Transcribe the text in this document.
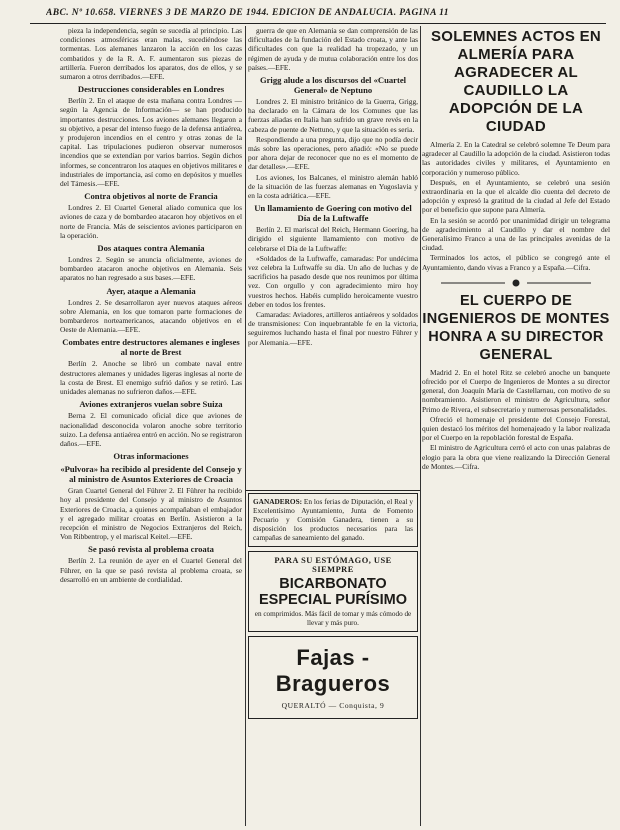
ABC. Nº 10.658. VIERNES 3 DE MARZO DE 1944. EDICION DE ANDALUCIA. PAGINA 11

pieza la independencia, según se sucedía al principio. Las condiciones atmosféricas eran malas, sucediéndose las tormentas. Los alemanes lanzaron la acción en los cazas combatidos y de la R. A. F. aumentaron sus piezas de artillería. Fueron derribados los aparatos, dos de ellos, y se sumaron a otros derribados.—EFE.

Destrucciones considerables en Londres

Berlín 2. En el ataque de esta mañana contra Londres —según la Agencia de Información— se han producido importantes destrucciones. Los aviones alemanes llegaron a su objetivo, a pesar del intenso fuego de la defensa antiaérea, y produjeron incendios en el centro y otras zonas de la capital. Las tripulaciones pudieron observar numerosos incendios que se extendían por varios barrios. Según dichos informes, se concentraron los ataques en objetivos militares e industriales de importancia, así como en depósitos y muelles del Támesis.—EFE.

Contra objetivos al norte de Francia

Londres 2. El Cuartel General aliado comunica que los aviones de caza y de bombardeo atacaron hoy objetivos en el norte de Francia. Más de seiscientos aviones participaron en la operación.

Dos ataques contra Alemania

Londres 2. Según se anuncia oficialmente, aviones de bombardeo atacaron anoche objetivos en Alemania. Seis aparatos no han regresado a sus bases.—EFE.

Ayer, ataque a Alemania

Londres 2. Se desarrollaron ayer nuevos ataques aéreos sobre Alemania, en los que tomaron parte formaciones de bombarderos norteamericanos, atacando objetivos en el Oeste de Alemania.—EFE.

Combates entre destructores alemanes e ingleses al norte de Brest

Berlín 2. Anoche se libró un combate naval entre destructores alemanes y unidades ligeras inglesas al norte de la costa de Brest. El enemigo sufrió daños y se retiró. Las unidades alemanas no sufrieron daños.—EFE.

Aviones extranjeros vuelan sobre Suiza

Berna 2. El comunicado oficial dice que aviones de nacionalidad desconocida volaron anoche sobre territorio suizo. La defensa antiaérea entró en acción. No se registraron daños.—EFE.

Otras informaciones
«Pulvora» ha recibido al presidente del Consejo y al ministro de Asuntos Exteriores de Croacia

Gran Cuartel General del Führer 2. El Führer ha recibido hoy al presidente del Consejo y al ministro de Asuntos Exteriores de Croacia, a quienes acompañaban el embajador y el agregado militar croatas en Berlín. Asistieron a la recepción el ministro de Negocios Extranjeros del Reich, Von Ribbentrop, y el mariscal Keitel.—EFE.

Se pasó revista al problema croata

Berlín 2. La reunión de ayer en el Cuartel General del Führer, en la que se pasó revista al problema croata, se desarrolló en un ambiente de cordialidad.

guerra de que en Alemania se dan comprensión de las dificultades de la fundación del Estado croata, y ante las dificultades con que la realidad ha tropezado, y un régimen de ayuda y de mutua colaboración entre los dos países.—EFE.

Grigg alude a los discursos del «Cuartel General» de Neptuno

Londres 2. El ministro británico de la Guerra, Grigg, ha declarado en la Cámara de los Comunes que las fuerzas aliadas en Italia han sufrido un grave revés en la cabeza de puente de Nettuno, y que la situación es seria.

Respondiendo a una pregunta, dijo que no podía decir más sobre las operaciones, pero añadió: «No se puede por ahora dejar de reconocer que no es el momento de dar detalles».—EFE.

Los aviones, los Balcanes, el ministro alemán habló de la situación de las fuerzas alemanas en Yugoslavia y en la costa adriática.—EFE.

Un llamamiento de Goering con motivo del Día de la Luftwaffe

Berlín 2. El mariscal del Reich, Hermann Goering, ha dirigido el siguiente llamamiento con motivo de celebrarse el Día de la Luftwaffe:

«Soldados de la Luftwaffe, camaradas: Por undécima vez celebra la Luftwaffe su día. Un año de luchas y de sacrificios ha pasado desde que nos reunimos por última vez. Con orgullo y con agradecimiento miro hoy vuestros hechos. Habéis cumplido heroicamente vuestro deber en todos los frentes.

Camaradas: Aviadores, artilleros antiaéreos y soldados de transmisiones: Con inquebrantable fe en la victoria, seguiremos luchando hasta el final por nuestro Führer y por Alemania.—EFE.

GANADEROS: En los ferias de Diputación, el Real y Excelentísimo Ayuntamiento, Junta de Fomento Pecuario y Comisión Ganadera, tienen a su disposición los productos necesarios para las campañas de saneamiento del ganado.

PARA SU ESTÓMAGO, USE SIEMPRE
BICARBONATO ESPECIAL PURÍSIMO
en comprimidos. Más fácil de tomar y más cómodo de llevar y más puro.
Fajas - Bragueros
QUERALTÓ — Conquista, 9
SOLEMNES ACTOS EN ALMERÍA PARA AGRADECER AL CAUDILLO LA ADOPCIÓN DE LA CIUDAD

Almería 2. En la Catedral se celebró solemne Te Deum para agradecer al Caudillo la adopción de la ciudad. Asistieron todas las autoridades civiles y militares, el Ayuntamiento en corporación y numeroso público.

Después, en el Ayuntamiento, se celebró una sesión extraordinaria en la que el alcalde dio cuenta del decreto de adopción y expresó la gratitud de la ciudad al Jefe del Estado por el beneficio que supone para Almería.

En la sesión se acordó por unanimidad dirigir un telegrama de agradecimiento al Caudillo y dar el nombre del Generalísimo Franco a una de las principales avenidas de la ciudad.

Terminados los actos, el público se congregó ante el Ayuntamiento, dando vivas a Franco y a España.—Cifra.

EL CUERPO DE INGENIEROS DE MONTES HONRA A SU DIRECTOR GENERAL

Madrid 2. En el hotel Ritz se celebró anoche un banquete ofrecido por el Cuerpo de Ingenieros de Montes a su director general, don Joaquín María de Castellarnau, con motivo de su nombramiento. Asistieron el ministro de Agricultura, señor Primo de Rivera, el subsecretario y numerosas personalidades.

Ofreció el homenaje el presidente del Consejo Forestal, quien destacó los méritos del homenajeado y la labor realizada por el Cuerpo en la repoblación forestal de España.

El ministro de Agricultura cerró el acto con unas palabras de elogio para la obra que viene realizando la Dirección General de Montes.—Cifra.
